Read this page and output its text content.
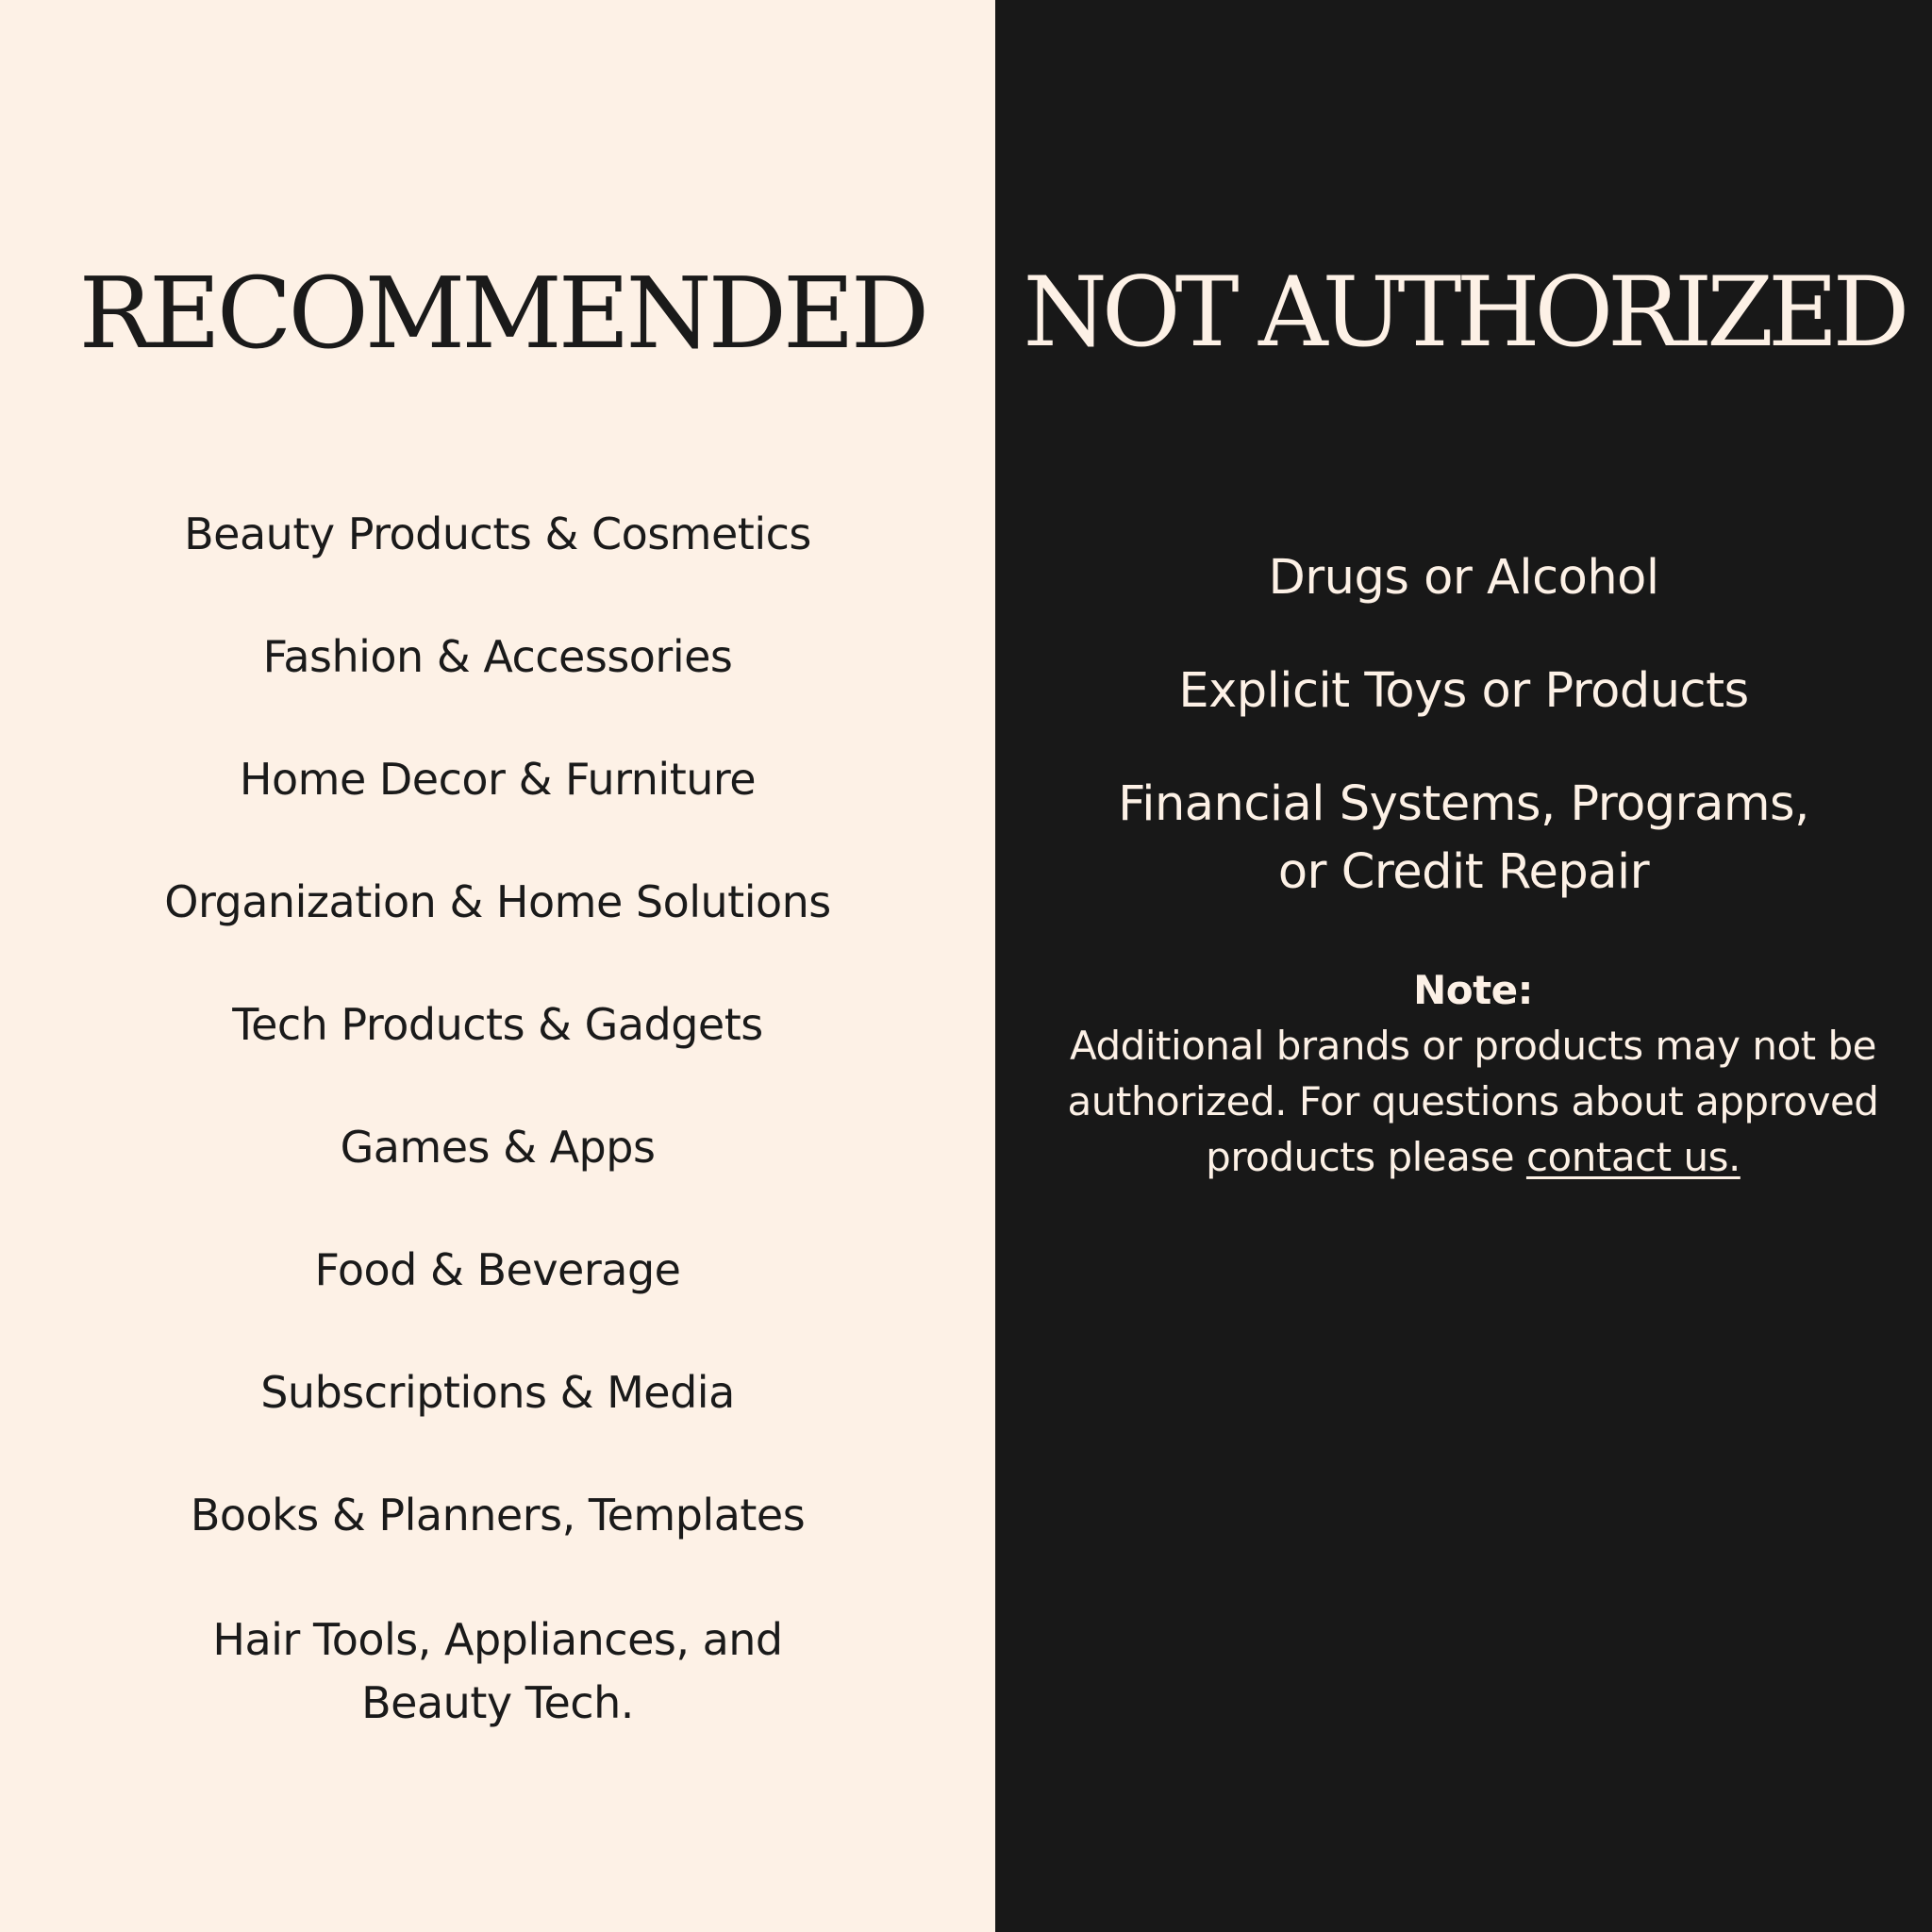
RECOMMENDED
Beauty Products & Cosmetics
Fashion & Accessories
Home Decor & Furniture
Organization & Home Solutions
Tech Products & Gadgets
Games & Apps
Food & Beverage
Subscriptions & Media
Books & Planners, Templates
Hair Tools, Appliances, and Beauty Tech.
NOT AUTHORIZED
Drugs or Alcohol
Explicit Toys or Products
Financial Systems, Programs, or Credit Repair
Note:
Additional brands or products may not be authorized. For questions about approved products please contact us.
